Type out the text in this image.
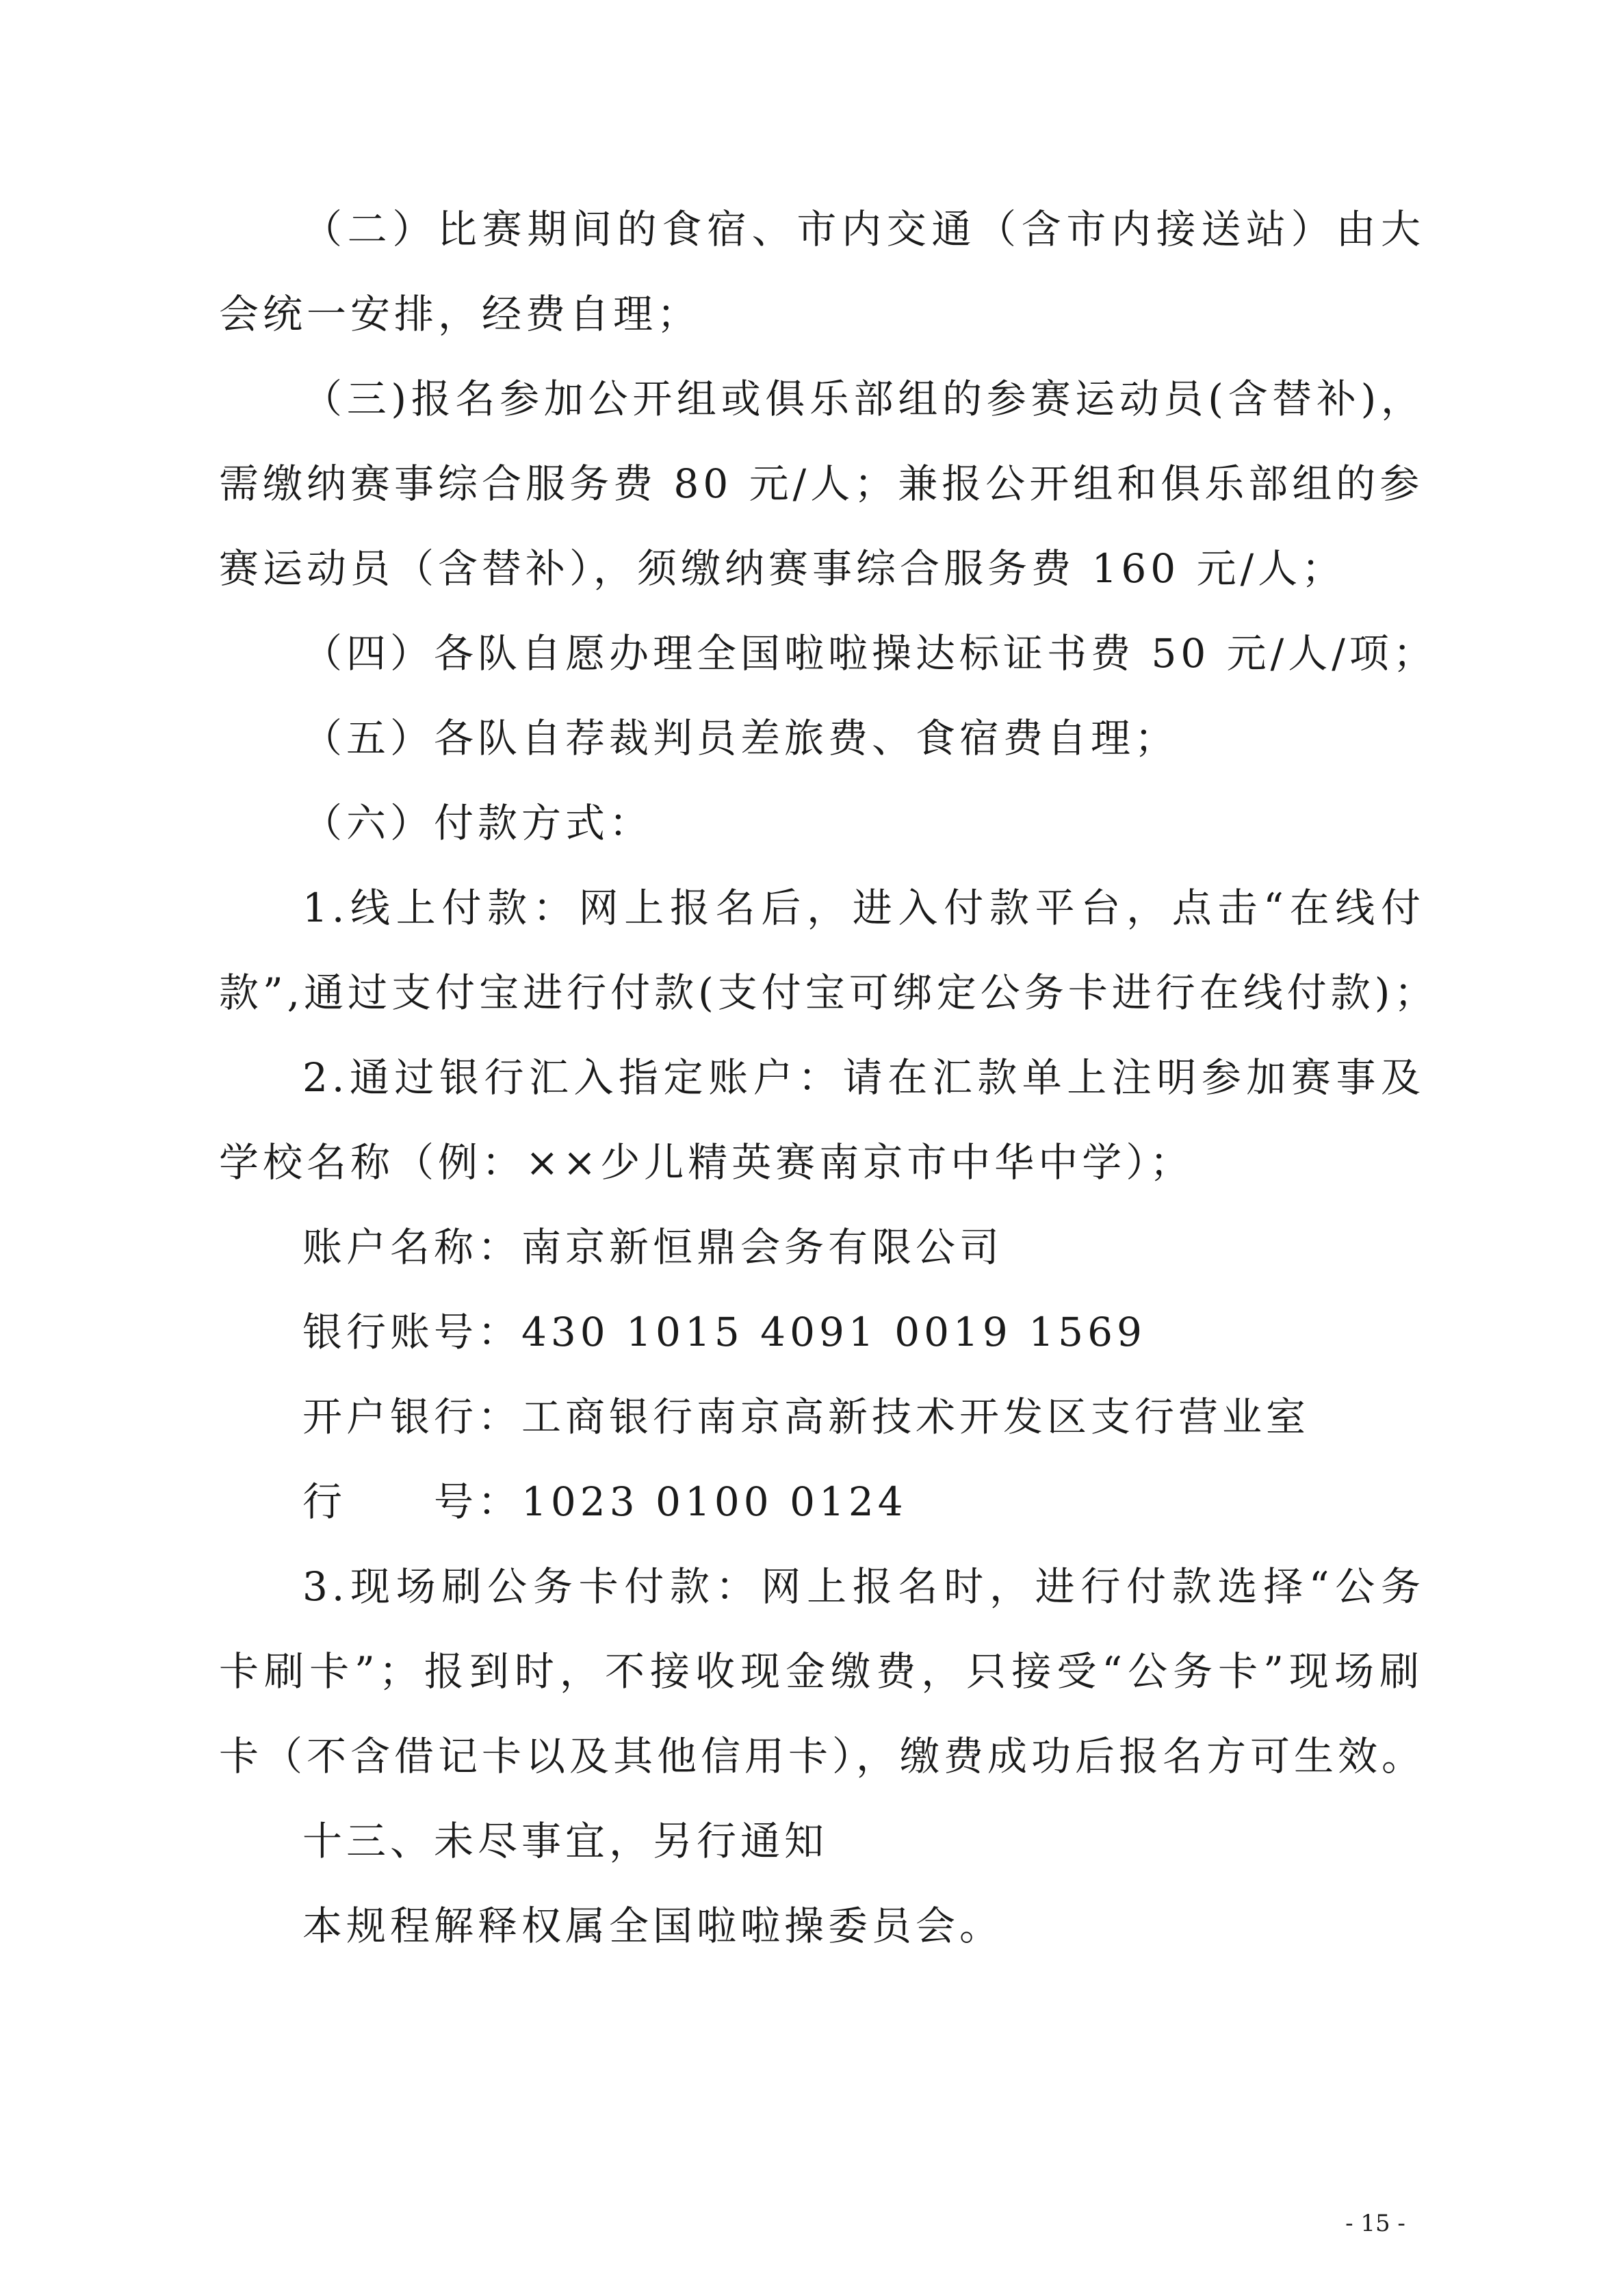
（二）比赛期间的食宿、市内交通（含市内接送站）由大
会统一安排，经费自理；
（三)报名参加公开组或俱乐部组的参赛运动员(含替补)，
需缴纳赛事综合服务费 80 元/人；兼报公开组和俱乐部组的参
赛运动员（含替补），须缴纳赛事综合服务费 160 元/人；
（四）各队自愿办理全国啦啦操达标证书费 50 元/人/项；
（五）各队自荐裁判员差旅费、食宿费自理；
（六）付款方式：
1.线上付款：网上报名后，进入付款平台，点击“在线付
款”,通过支付宝进行付款(支付宝可绑定公务卡进行在线付款)；
2.通过银行汇入指定账户：请在汇款单上注明参加赛事及
学校名称（例：××少儿精英赛南京市中华中学）；
账户名称：南京新恒鼎会务有限公司
银行账号：430 1015 4091 0019 1569
开户银行：工商银行南京高新技术开发区支行营业室
行　　号：1023 0100 0124
3.现场刷公务卡付款：网上报名时，进行付款选择“公务
卡刷卡”；报到时，不接收现金缴费，只接受“公务卡”现场刷
卡（不含借记卡以及其他信用卡），缴费成功后报名方可生效。
十三、未尽事宜，另行通知
本规程解释权属全国啦啦操委员会。
- 15 -
